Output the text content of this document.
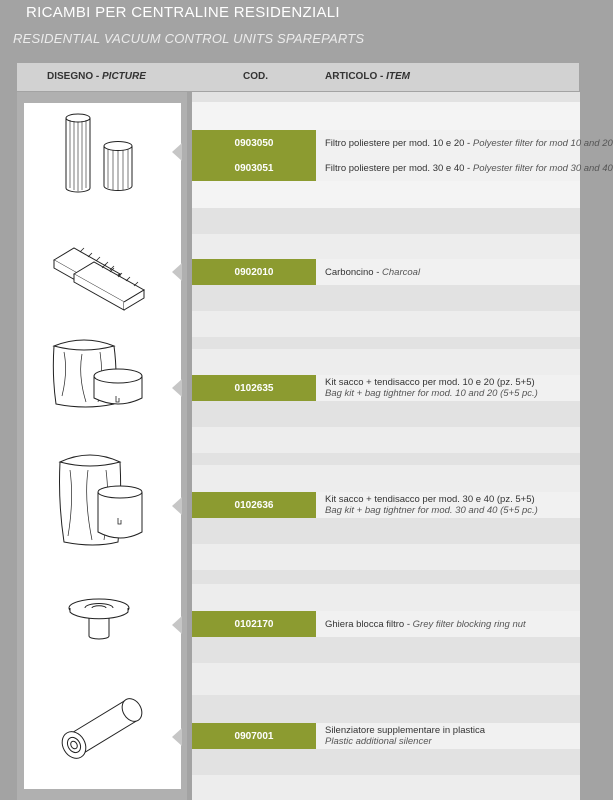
RICAMBI PER CENTRALINE RESIDENZIALI
RESIDENTIAL VACUUM CONTROL UNITS SPAREPARTS
DISEGNO - PICTURE	COD.	ARTICOLO - ITEM
0903050	Filtro poliestere per mod. 10 e 20 - Polyester filter for mod 10 and 20
0903051	Filtro poliestere per mod. 30 e 40 - Polyester filter for mod 30 and 40
0902010	Carboncino - Charcoal
0102635	Kit sacco + tendisacco per mod. 10 e 20 (pz. 5+5)
Bag kit + bag tightner for mod. 10 and 20 (5+5 pc.)
0102636	Kit sacco + tendisacco per mod. 30 e 40 (pz. 5+5)
Bag kit + bag tightner for mod. 30 and 40 (5+5 pc.)
0102170	Ghiera blocca filtro - Grey filter blocking ring nut
0907001	Silenziatore supplementare in plastica
Plastic additional silencer
